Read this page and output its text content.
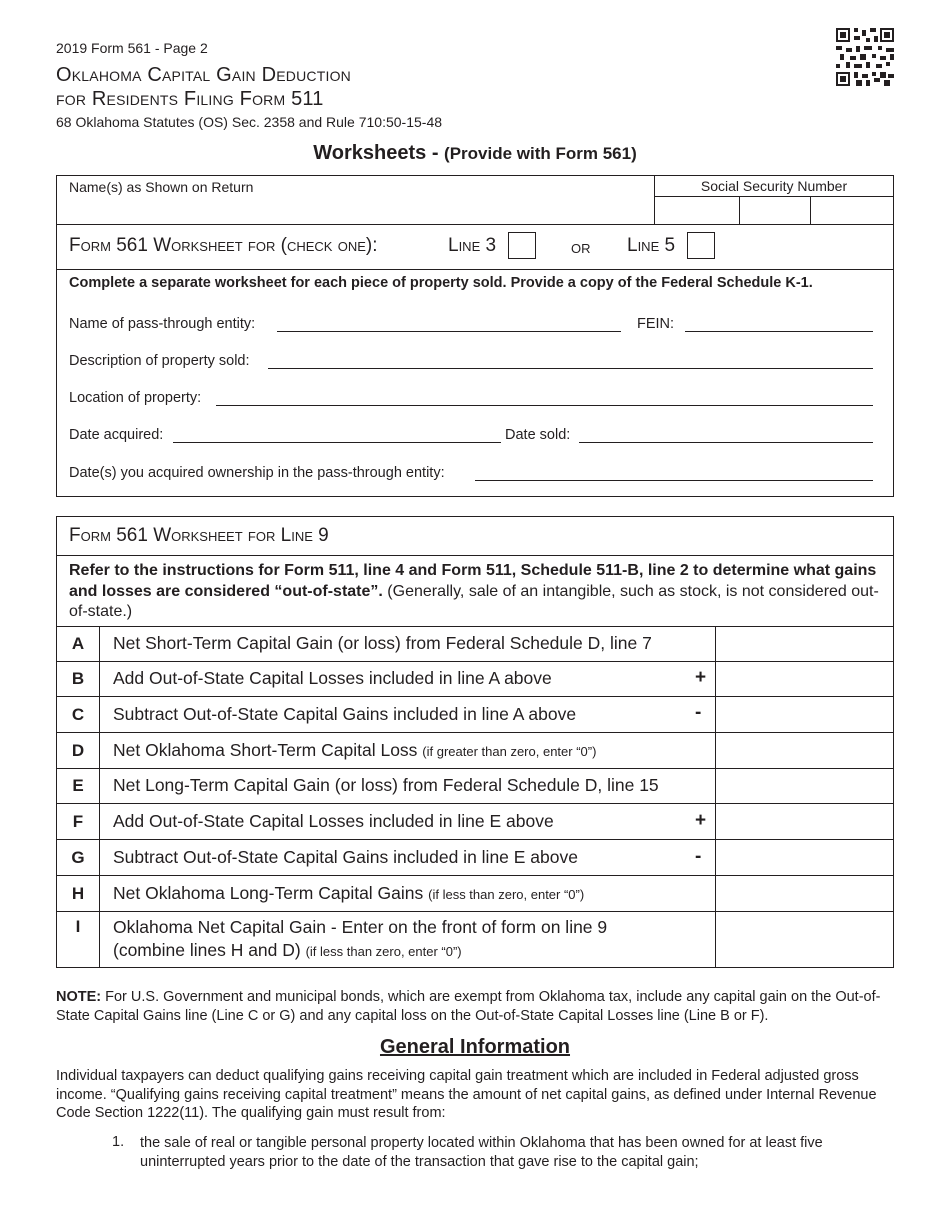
2019 Form 561 - Page 2
Oklahoma Capital Gain Deduction
for Residents Filing Form 511
68 Oklahoma Statutes (OS) Sec. 2358 and Rule 710:50-15-48
Worksheets - (Provide with Form 561)
Name(s) as Shown on Return	Social Security Number
Form 561 Worksheet for (check one):	Line 3	or Line 5
Complete a separate worksheet for each piece of property sold. Provide a copy of the Federal Schedule K-1.
Name of pass-through entity:	FEIN:
Description of property sold:
Location of property:
Date acquired:	Date sold:
Date(s) you acquired ownership in the pass-through entity:
Form 561 Worksheet for Line 9
Refer to the instructions for Form 511, line 4 and Form 511, Schedule 511-B, line 2 to determine what gains and losses are considered “out-of-state”. (Generally, sale of an intangible, such as stock, is not considered out-of-state.)
A	Net Short-Term Capital Gain (or loss) from Federal Schedule D, line 7
B	Add Out-of-State Capital Losses included in line A above	+
C	Subtract Out-of-State Capital Gains included in line A above	-
D	Net Oklahoma Short-Term Capital Loss (if greater than zero, enter “0”)
E	Net Long-Term Capital Gain (or loss) from Federal Schedule D, line 15
F	Add Out-of-State Capital Losses included in line E above	+
G	Subtract Out-of-State Capital Gains included in line E above	-
H	Net Oklahoma Long-Term Capital Gains (if less than zero, enter “0”)
I	Oklahoma Net Capital Gain - Enter on the front of form on line 9
(combine lines H and D) (if less than zero, enter “0”)
NOTE: For U.S. Government and municipal bonds, which are exempt from Oklahoma tax, include any capital gain on the Out-of-State Capital Gains line (Line C or G) and any capital loss on the Out-of-State Capital Losses line (Line B or F).
General Information
Individual taxpayers can deduct qualifying gains receiving capital gain treatment which are included in Federal adjusted gross income. “Qualifying gains receiving capital treatment” means the amount of net capital gains, as defined under Internal Revenue Code Section 1222(11). The qualifying gain must result from:
1. the sale of real or tangible personal property located within Oklahoma that has been owned for at least five uninterrupted years prior to the date of the transaction that gave rise to the capital gain;
